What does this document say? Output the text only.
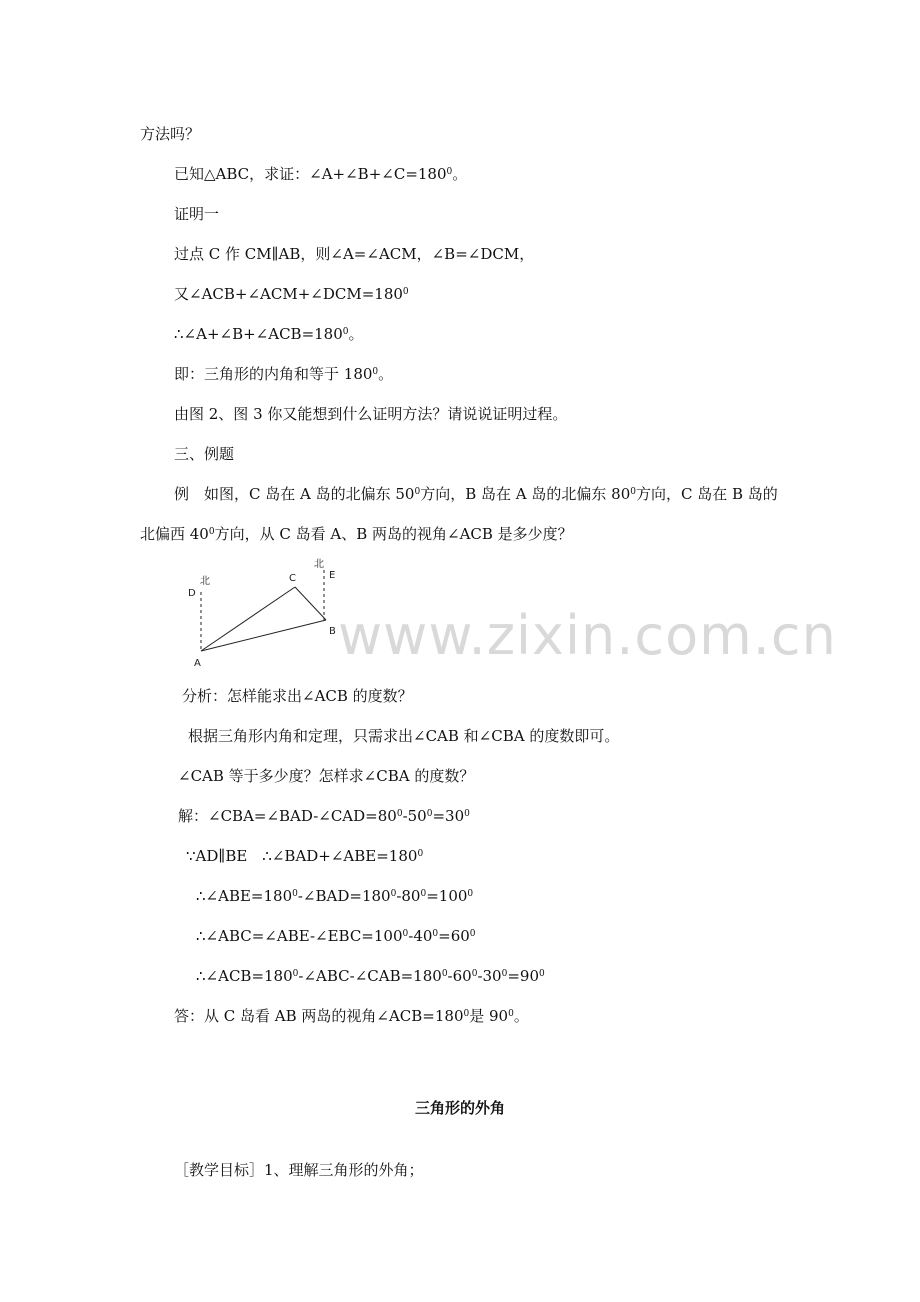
方法吗？
已知△ABC，求证：$\angle A+\angle B+\angle C=180^0$。
证明一
过点 C 作 CM∥AB，则∠A=∠ACM，∠B=∠DCM，
又$\angle ACB+\angle ACM+\angle DCM=180^0$
$\therefore\angle A+\angle B+\angle ACB=180^0$。
即：三角形的内角和等于 $180^0$。
由图 2、图 3 你又能想到什么证明方法？请说说证明过程。
三、例题
例　如图，C 岛在 A 岛的北偏东 $50^0$方向，B 岛在 A 岛的北偏东 $80^0$方向，C 岛在 B 岛的
北偏西 $40^0$方向，从 C 岛看 A、B 两岛的视角∠ACB 是多少度？
北
北
D
C	E
B
A	www.zixin.com.cn
分析：怎样能求出∠ACB 的度数？
根据三角形内角和定理，只需求出∠CAB 和∠CBA 的度数即可。
∠CAB 等于多少度？怎样求∠CBA 的度数？
解：$\angle CBA=\angle BAD-\angle CAD=80^0-50^0=30^0$
∵AD∥BE　$\therefore\angle BAD+\angle ABE=180^0$
$\therefore\angle ABE=180^0-\angle BAD=180^0-80^0=100^0$
$\therefore\angle ABC=\angle ABE-\angle EBC=100^0-40^0=60^0$
$\therefore\angle ACB=180^0-\angle ABC-\angle CAB=180^0-60^0-30^0=90^0$
答：从 C 岛看 AB 两岛的视角$\angle ACB=180^0$是 $90^0$。
三角形的外角
［教学目标］1、理解三角形的外角；
